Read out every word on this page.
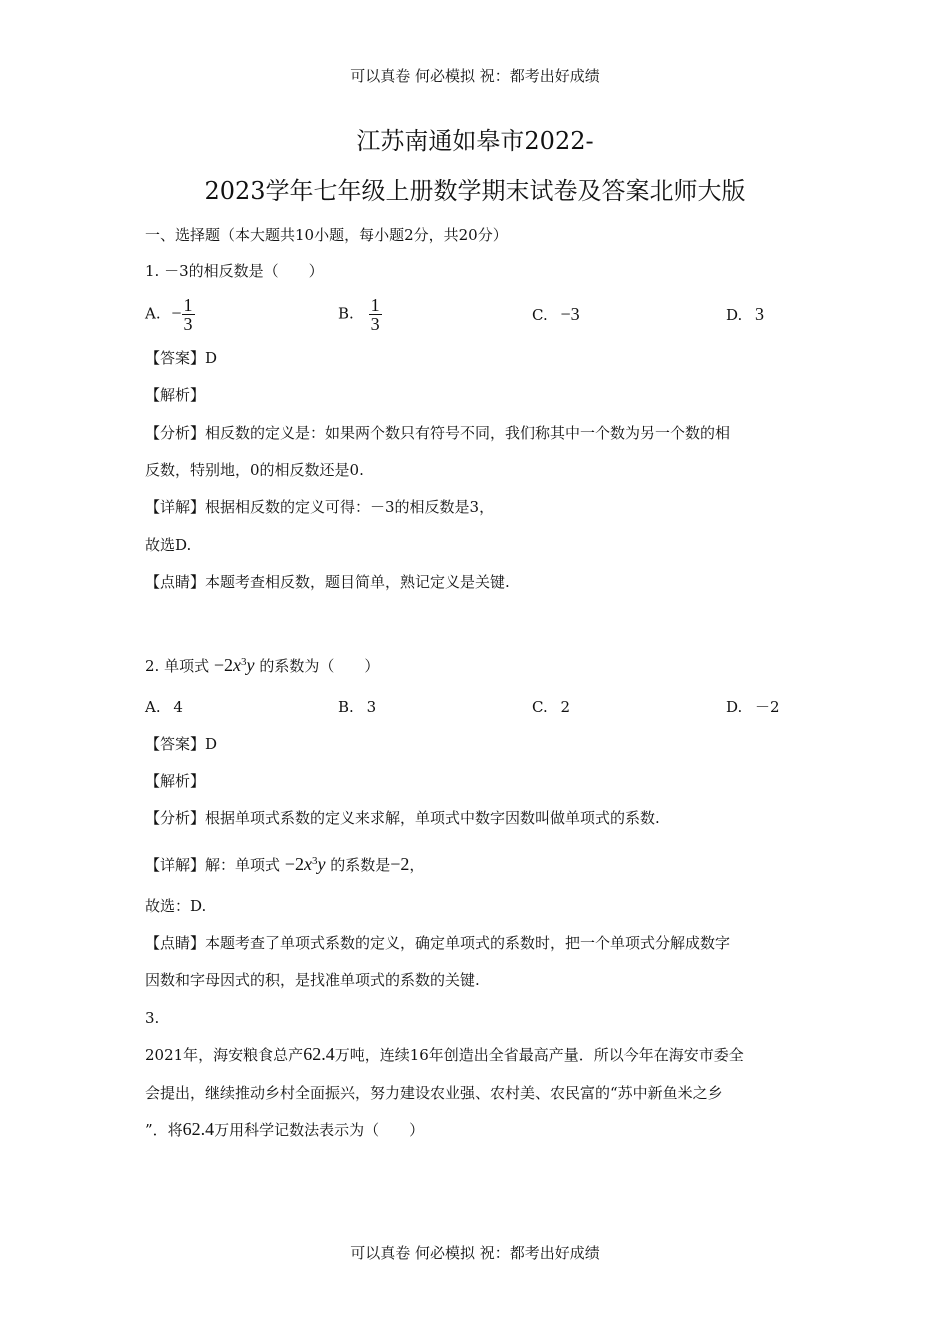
可以真卷 何必模拟 祝：都考出好成绩
江苏南通如皋市2022-
2023学年七年级上册数学期末试卷及答案北师大版
一、选择题（本大题共10小题，每小题2分，共20分）
1. －3的相反数是（　　）
A. − $\frac{1}{3}$	B. $\frac{1}{3}$	C. −3	D. 3
【答案】D
【解析】
【分析】相反数的定义是：如果两个数只有符号不同，我们称其中一个数为另一个数的相
反数，特别地，0的相反数还是0.
【详解】根据相反数的定义可得：－3的相反数是3，
故选D.
【点睛】本题考查相反数，题目简单，熟记定义是关键.
2. 单项式 $-2x^3y$ 的系数为（　　）
A. 4	B. 3	C. 2	D. －2
【答案】D
【解析】
【分析】根据单项式系数的定义来求解，单项式中数字因数叫做单项式的系数.
【详解】解：单项式 $-2x^3y$ 的系数是−2，
故选：D.
【点睛】本题考查了单项式系数的定义，确定单项式的系数时，把一个单项式分解成数字
因数和字母因式的积，是找准单项式的系数的关键.
3.
2021年，海安粮食总产62.4万吨，连续16年创造出全省最高产量．所以今年在海安市委全
会提出，继续推动乡村全面振兴，努力建设农业强、农村美、农民富的“苏中新鱼米之乡
”．将62.4万用科学记数法表示为（　　）
可以真卷 何必模拟 祝：都考出好成绩
